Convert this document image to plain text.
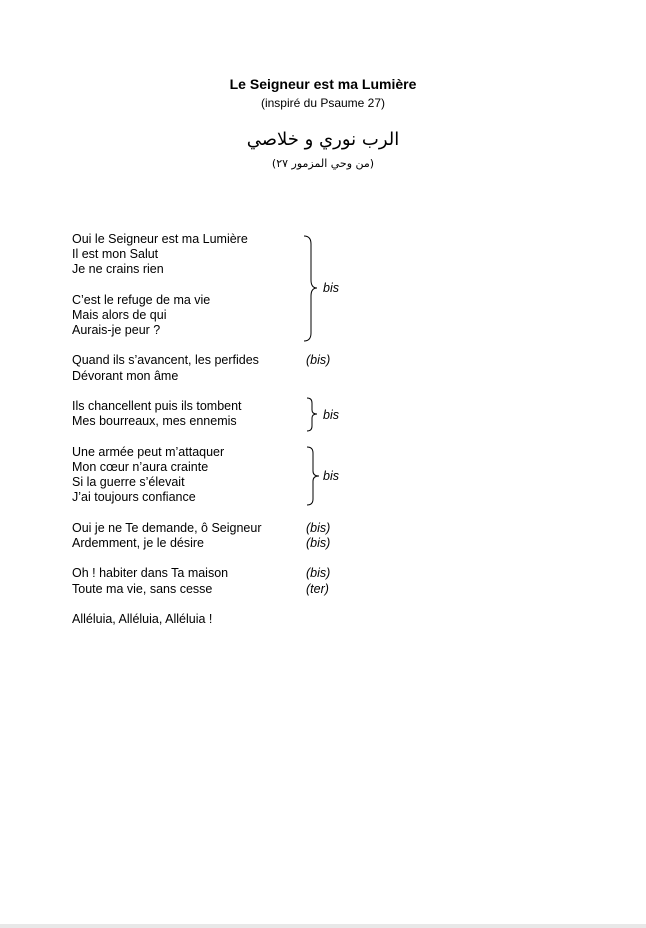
Le Seigneur est ma Lumière
(inspiré du Psaume 27)
الرب نوري و خلاصي
(من وحي المزمور ٢٧)
Oui le Seigneur est ma Lumière
Il est mon Salut
Je ne crains rien
C’est le refuge de ma vie
Mais alors de qui
Aurais-je peur ?
bis
Quand ils s’avancent, les perfides	(bis)
Dévorant mon âme
Ils chancellent puis ils tombent
Mes bourreaux, mes ennemis	bis
Une armée peut m’attaquer
Mon cœur n’aura crainte
Si la guerre s’élevait
J’ai toujours confiance
bis
Oui je ne Te demande, ô Seigneur	(bis)
Ardemment, je le désire	(bis)
Oh ! habiter dans Ta maison	(bis)
Toute ma vie, sans cesse	(ter)
Alléluia, Alléluia, Alléluia !
